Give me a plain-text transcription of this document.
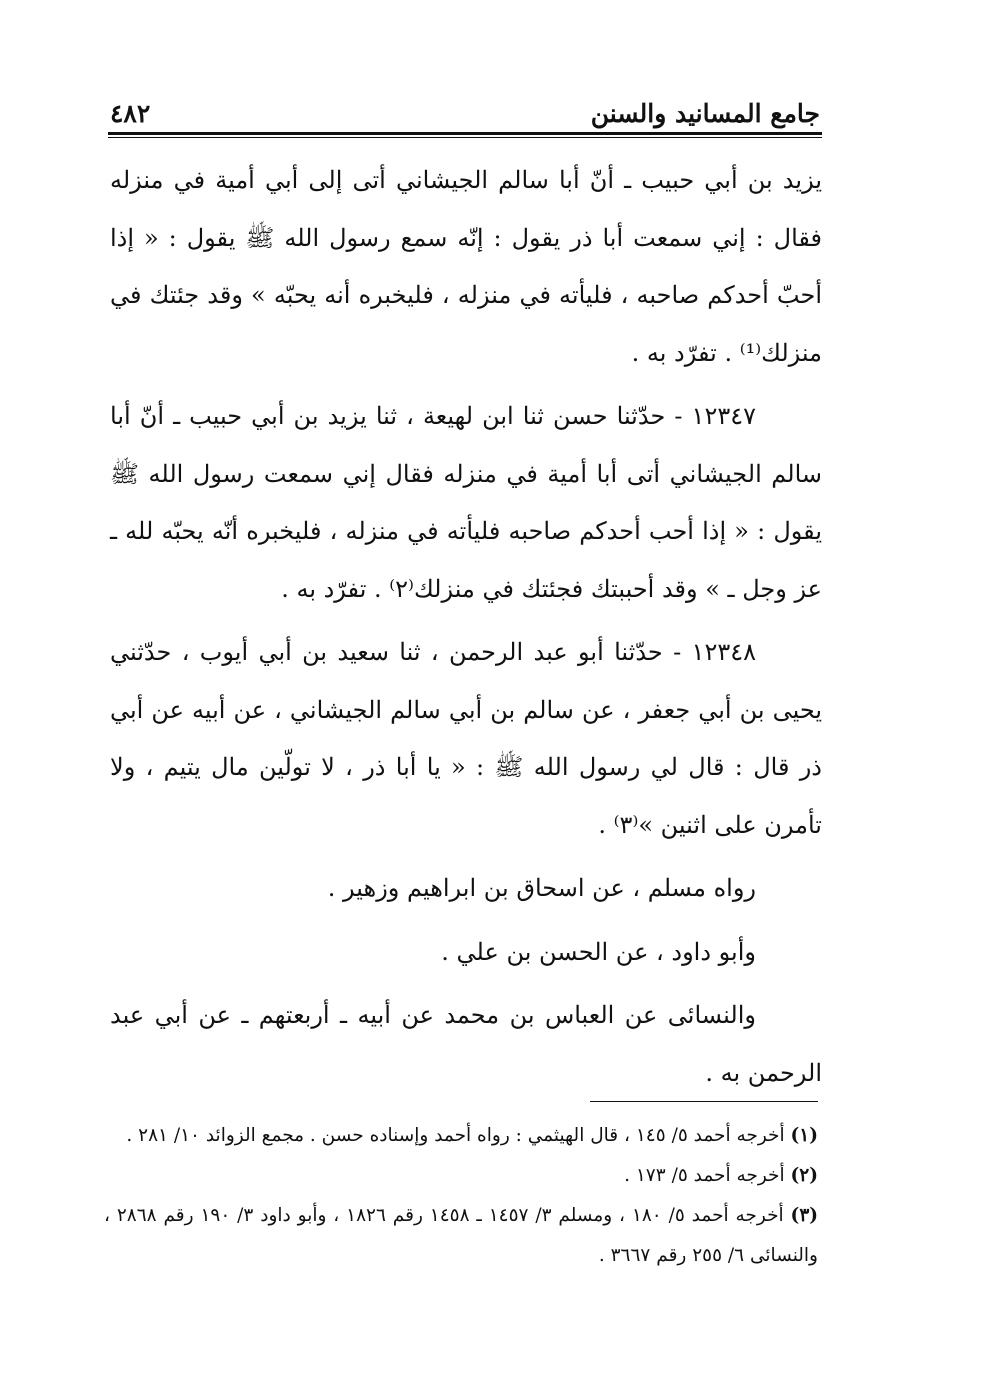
جامع المسانيد والسنن
٤٨٢

يزيد بن أبي حبيب ـ أنّ أبا سالم الجيشاني أتى إلى أبي أمية في منزله فقال : إني سمعت أبا ذر يقول : إنّه سمع رسول الله ﷺ يقول : « إذا أحبّ أحدكم صاحبه ، فليأته في منزله ، فليخبره أنه يحبّه » وقد جئتك في منزلك⁽¹⁾ . تفرّد به .

١٢٣٤٧ - حدّثنا حسن ثنا ابن لهيعة ، ثنا يزيد بن أبي حبيب ـ أنّ أبا سالم الجيشاني أتى أبا أمية في منزله فقال إني سمعت رسول الله ﷺ يقول : « إذا أحب أحدكم صاحبه فليأته في منزله ، فليخبره أنّه يحبّه لله ـ عز وجل ـ » وقد أحببتك فجئتك في منزلك⁽٢⁾ . تفرّد به .

١٢٣٤٨ - حدّثنا أبو عبد الرحمن ، ثنا سعيد بن أبي أيوب ، حدّثني يحيى بن أبي جعفر ، عن سالم بن أبي سالم الجيشاني ، عن أبيه عن أبي ذر قال : قال لي رسول الله ﷺ : « يا أبا ذر ، لا تولّين مال يتيم ، ولا تأمرن على اثنين »⁽٣⁾ .

رواه مسلم ، عن اسحاق بن ابراهيم وزهير .

وأبو داود ، عن الحسن بن علي .

والنسائى عن العباس بن محمد عن أبيه ـ أربعتهم ـ عن أبي عبد الرحمن به .

(١) أخرجه أحمد ٥/ ١٤٥ ، قال الهيثمي : رواه أحمد وإسناده حسن . مجمع الزوائد ١٠/ ٢٨١ .

(٢) أخرجه أحمد ٥/ ١٧٣ .

(٣) أخرجه أحمد ٥/ ١٨٠ ، ومسلم ٣/ ١٤٥٧ ـ ١٤٥٨ رقم ١٨٢٦ ، وأبو داود ٣/ ١٩٠ رقم ٢٨٦٨ ، والنسائى ٦/ ٢٥٥ رقم ٣٦٦٧ .
